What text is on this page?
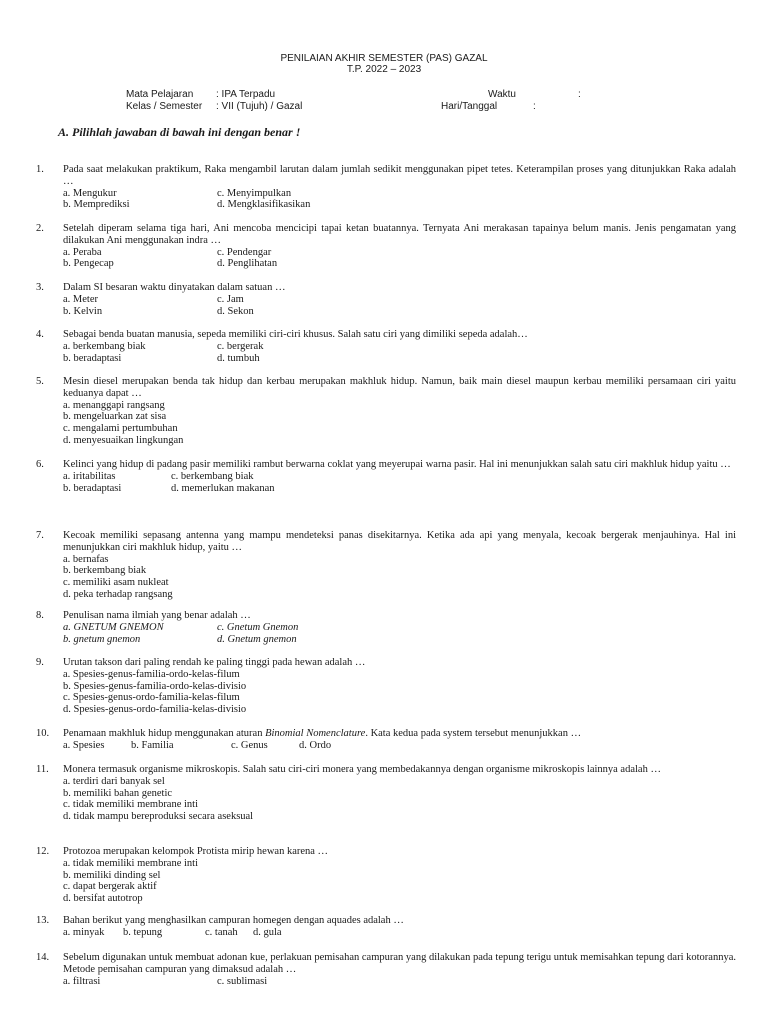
PENILAIAN AKHIR SEMESTER (PAS) GAZAL
T.P. 2022 – 2023
Mata Pelajaran : IPA Terpadu
Kelas / Semester : VII (Tujuh) / Gazal
Waktu	:
Hari/Tanggal	:
A. Pilihlah jawaban di bawah ini dengan benar !
1.	Pada saat melakukan praktikum, Raka mengambil larutan dalam jumlah sedikit menggunakan pipet tetes. Keterampilan proses yang ditunjukkan Raka adalah …
a. Mengukur	c. Menyimpulkan
b. Memprediksi	d. Mengklasifikasikan
2.	Setelah diperam selama tiga hari, Ani mencoba mencicipi tapai ketan buatannya. Ternyata Ani merakasan tapainya belum manis. Jenis pengamatan yang dilakukan Ani menggunakan indra …
a. Peraba	c. Pendengar
b. Pengecap	d. Penglihatan
3.	Dalam SI besaran waktu dinyatakan dalam satuan …
a. Meter	c. Jam
b. Kelvin	d. Sekon
4.	Sebagai benda buatan manusia, sepeda memiliki ciri-ciri khusus. Salah satu ciri yang dimiliki sepeda adalah…
a. berkembang biak	c. bergerak
b. beradaptasi	d. tumbuh
5.	Mesin diesel merupakan benda tak hidup dan kerbau merupakan makhluk hidup. Namun, baik main diesel maupun kerbau memiliki persamaan ciri yaitu keduanya dapat …
a. menanggapi rangsang
b. mengeluarkan zat sisa
c. mengalami pertumbuhan
d. menyesuaikan lingkungan
6.	Kelinci yang hidup di padang pasir memiliki rambut berwarna coklat yang meyerupai warna pasir. Hal ini menunjukkan salah satu ciri makhluk hidup yaitu …
a. iritabilitas	c. berkembang biak
b. beradaptasi	d. memerlukan makanan
7.	Kecoak memiliki sepasang antenna yang mampu mendeteksi panas disekitarnya. Ketika ada api yang menyala, kecoak bergerak menjauhinya. Hal ini menunjukkan ciri makhluk hidup, yaitu …
a. bernafas
b. berkembang biak
c. memiliki asam nukleat
d. peka terhadap rangsang
8.	Penulisan nama ilmiah yang benar adalah …
a. GNETUM GNEMON	c. Gnetum Gnemon
b. gnetum gnemon	d. Gnetum gnemon
9.	Urutan takson dari paling rendah ke paling tinggi pada hewan adalah …
a. Spesies-genus-familia-ordo-kelas-filum
b. Spesies-genus-familia-ordo-kelas-divisio
c. Spesies-genus-ordo-familia-kelas-filum
d. Spesies-genus-ordo-familia-kelas-divisio
10.	Penamaan makhluk hidup menggunakan aturan Binomial Nomenclature. Kata kedua pada system tersebut menunjukkan …
a. Spesies	b. Familia	c. Genus	d. Ordo
11.	Monera termasuk organisme mikroskopis. Salah satu ciri-ciri monera yang membedakannya dengan organisme mikroskopis lainnya adalah …
a. terdiri dari banyak sel
b. memiliki bahan genetic
c. tidak memiliki membrane inti
d. tidak mampu bereproduksi secara aseksual
12.	Protozoa merupakan kelompok Protista mirip hewan karena …
a. tidak memiliki membrane inti
b. memiliki dinding sel
c. dapat bergerak aktif
d. bersifat autotrop
13.	Bahan berikut yang menghasilkan campuran homegen dengan aquades adalah …
a. minyak b. tepung	c. tanah d. gula
14.	Sebelum digunakan untuk membuat adonan kue, perlakuan pemisahan campuran yang dilakukan pada tepung terigu untuk memisahkan tepung dari kotorannya. Metode pemisahan campuran yang dimaksud adalah …
a. filtrasi	c. sublimasi
